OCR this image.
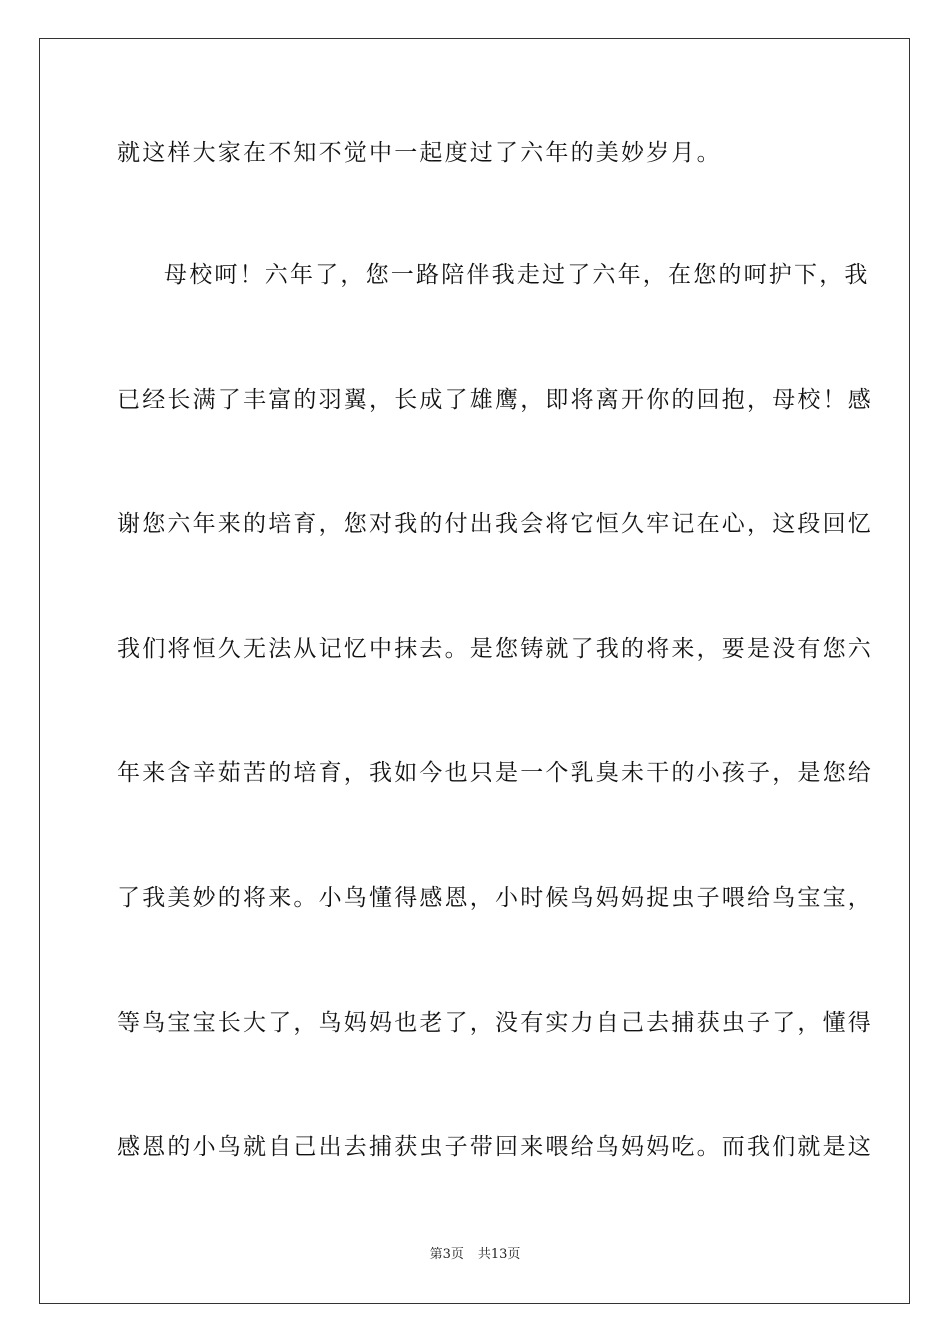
就这样大家在不知不觉中一起度过了六年的美妙岁月。
母校呵！六年了，您一路陪伴我走过了六年，在您的呵护下，我
已经长满了丰富的羽翼，长成了雄鹰，即将离开你的回抱，母校！感
谢您六年来的培育，您对我的付出我会将它恒久牢记在心，这段回忆
我们将恒久无法从记忆中抹去。是您铸就了我的将来，要是没有您六
年来含辛茹苦的培育，我如今也只是一个乳臭未干的小孩子，是您给
了我美妙的将来。小鸟懂得感恩，小时候鸟妈妈捉虫子喂给鸟宝宝，
等鸟宝宝长大了，鸟妈妈也老了，没有实力自己去捕获虫子了，懂得
感恩的小鸟就自己出去捕获虫子带回来喂给鸟妈妈吃。而我们就是这
第3页 共13页
